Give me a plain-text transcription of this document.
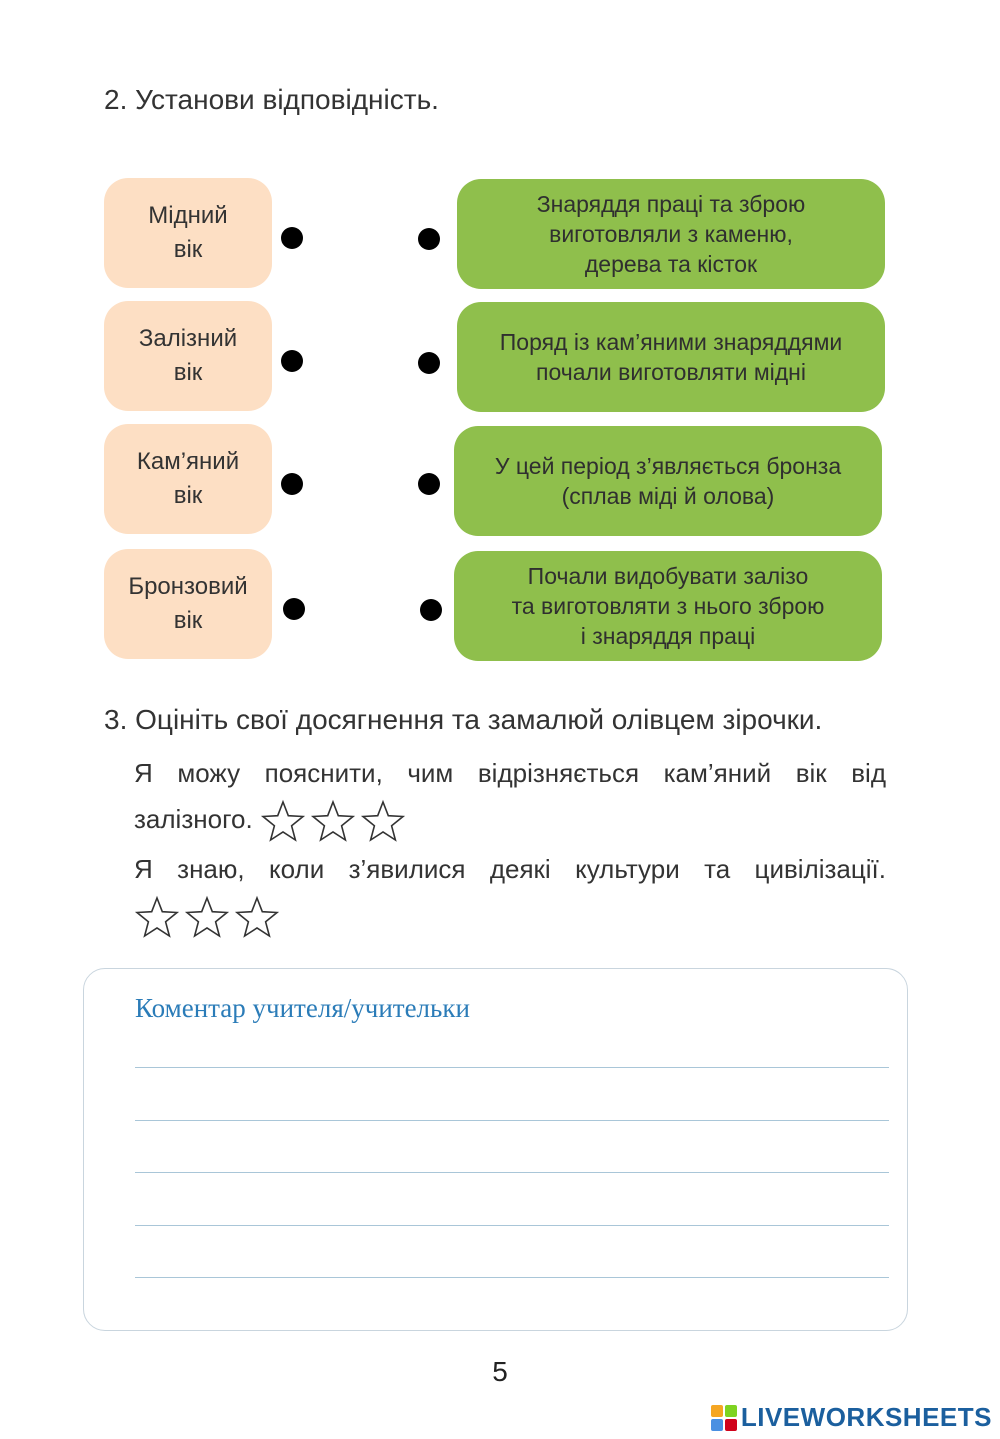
2. Установи відповідність.
Мідний
вік
Залізний
вік
Кам’яний
вік
Бронзовий
вік
Знаряддя праці та зброю
виготовляли з каменю,
дерева та кісток
Поряд із кам’яними знаряддями
почали виготовляти мідні
У цей період з’являється бронза
(сплав міді й олова)
Почали видобувати залізо
та виготовляти з нього зброю
і знаряддя праці
3. Оцініть свої досягнення та замалюй олівцем зірочки.
Я можу пояснити, чим відрізняється кам’яний вік від залізного.
Я знаю, коли з’явилися деякі культури та цивілізації.
Коментар учителя/учительки
5
LIVEWORKSHEETS
